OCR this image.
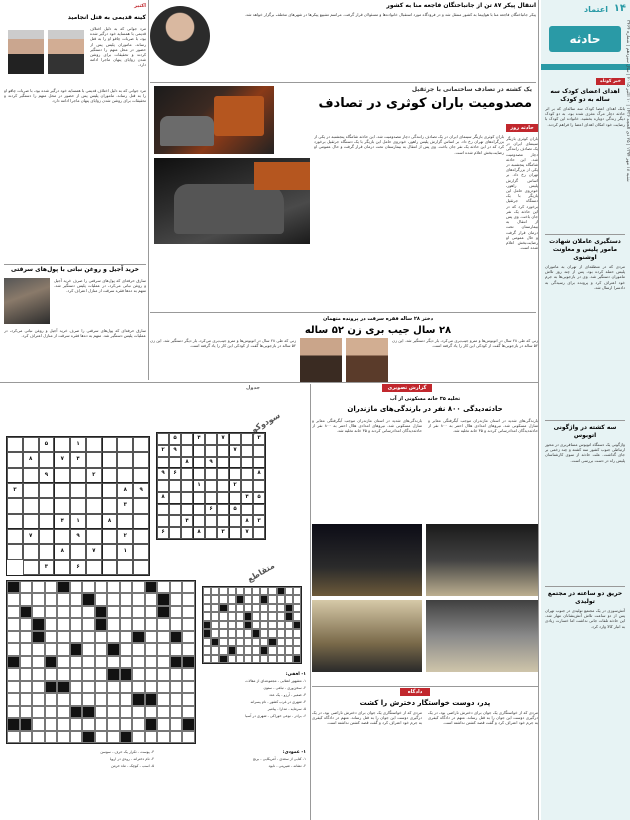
۱۴
اعتماد
حادثه
شنبه ۱۸ مهر ۱۳۹۴ | ۲۵ ذی الحجه ۱۴۳۶ | ۱۰ اکتبر ۲۰۱۵ | سال سیزدهم | شماره ۳۴۶۴
خبر کوتاه
اهدای اعضای کودک سه ساله به دو کودک
بانک اهدای اعضا کودک سه ساله‌ای که بر اثر حادثه دچار مرگ مغزی شده بود، به دو کودک دیگر زندگی دوباره بخشید. خانواده این کودک با رضایت خود امکان اهدای اعضا را فراهم کردند.
دستگیری عاملان شهادت مامور پلیس و معاونت اوشنوی
مردی که در منطقه‌ای از تهران به ماموران پلیس حمله کرده بود، پس از چند روز تلاش ماموران دستگیر شد. وی در بازجویی‌ها به جرم خود اعتراف کرد و پرونده برای رسیدگی به دادسرا ارسال شد.
سه کشته در واژگونی اتوبوس
واژگونی یک دستگاه اتوبوس مسافربری در محور ارتباطی جنوب کشور سه کشته و چند زخمی بر جای گذاشت. علت حادثه از سوی کارشناسان پلیس راه در دست بررسی است.
حریق دو ساعته در مجتمع تولیدی
آتش‌سوزی در یک مجتمع تولیدی در جنوب تهران پس از دو ساعت تلاش آتش‌نشانان مهار شد. این حادثه تلفات جانی نداشت اما خسارت زیادی به انبار کالا وارد کرد.
انتقال پیکر ۸۷ تن از جانباختگان فاجعه منا به کشور
پیکر جانباختگان فاجعه منا با هواپیما به کشور منتقل شد و در فرودگاه مورد استقبال خانواده‌ها و مسئولان قرار گرفت. مراسم تشییع پیکرها در شهرهای مختلف برگزار خواهد شد.
یک کشته در تصادف ساختمانی با جرثقیل
مصدومیت باران کوثری در تصادف
حادثه روز
باران کوثری بازیگر سینمای ایران در یک تصادف رانندگی دچار مصدومیت شد. این حادثه شامگاه پنجشنبه در یکی از بزرگراه‌های تهران رخ داد. بر اساس گزارش پلیس راهور، خودروی حامل این بازیگر با یک دستگاه جرثقیل برخورد کرد که در این حادثه یک نفر جان باخت. وی پس از انتقال به بیمارستان تحت درمان قرار گرفت و حال عمومی او رضایت‌بخش اعلام شده است.
باران کوثری بازیگر سینمای ایران در یک تصادف رانندگی دچار مصدومیت شد. این حادثه شامگاه پنجشنبه در یکی از بزرگراه‌های تهران رخ داد. بر اساس گزارش پلیس راهور، خودروی حامل این بازیگر با یک دستگاه جرثقیل برخورد کرد که در این حادثه یک نفر جان باخت. وی پس از انتقال به بیمارستان تحت درمان قرار گرفت و حال عمومی او رضایت‌بخش اعلام شده است.
دختر ۲۸ ساله فقره سرقت در پرونده متهمان
۲۸ سال جیب بری زن ۵۲ ساله
زنی که طی ۲۸ سال در اتوبوس‌ها و مترو جیب‌بری می‌کرد، بار دیگر دستگیر شد. این زن ۵۲ ساله در بازجویی‌ها گفت از کودکی این کار را یاد گرفته است.
زنی که طی ۲۸ سال در اتوبوس‌ها و مترو جیب‌بری می‌کرد، بار دیگر دستگیر شد. این زن ۵۲ ساله در بازجویی‌ها گفت از کودکی این کار را یاد گرفته است.
اکتیر
کینه قدیمی به قتل انجامید
مرد جوانی که به دلیل اختلاف قدیمی با همسایه خود درگیر شده بود، با ضربات چاقو او را به قتل رساند. ماموران پلیس پس از حضور در محل متهم را دستگیر کردند و تحقیقات برای روشن شدن زوایای پنهان ماجرا ادامه دارد.
مرد جوانی که به دلیل اختلاف قدیمی با همسایه خود درگیر شده بود، با ضربات چاقو او را به قتل رساند. ماموران پلیس پس از حضور در محل متهم را دستگیر کردند و تحقیقات برای روشن شدن زوایای پنهان ماجرا ادامه دارد.
خرید آجیل و روغن نباتی با پول‌های سرقتی
سارق حرفه‌ای که پول‌های سرقتی را صرف خرید آجیل و روغن نباتی می‌کرد، در عملیات پلیس دستگیر شد. متهم به ده‌ها فقره سرقت از منازل اعتراف کرد.
سارق حرفه‌ای که پول‌های سرقتی را صرف خرید آجیل و روغن نباتی می‌کرد، در عملیات پلیس دستگیر شد. متهم به ده‌ها فقره سرقت از منازل اعتراف کرد.
گزارش تصویری
تخلیه ۳۵ خانه مسکونی از آب
حادثه‌دیدگی ۸۰۰ نفر در بارندگی‌های مازندران
بارندگی‌های شدید در استان مازندران موجب آبگرفتگی معابر و منازل مسکونی شد. نیروهای امدادی هلال احمر به ۸۰۰ نفر از حادثه‌دیدگان امدادرسانی کردند و ۳۵ خانه تخلیه شد.
بارندگی‌های شدید در استان مازندران موجب آبگرفتگی معابر و منازل مسکونی شد. نیروهای امدادی هلال احمر به ۸۰۰ نفر از حادثه‌دیدگان امدادرسانی کردند و ۳۵ خانه تخلیه شد.
دادگاه
پدر، دوست خواستگار دخترش را کشت
مردی که از خواستگاری یک جوان برای دخترش ناراضی بود، در یک درگیری دوست این جوان را به قتل رساند. متهم در دادگاه کیفری به جرم خود اعتراف کرد و گفت قصد کشتن نداشته است.
مردی که از خواستگاری یک جوان برای دخترش ناراضی بود، در یک درگیری دوست این جوان را به قتل رساند. متهم در دادگاه کیفری به جرم خود اعتراف کرد و گفت قصد کشتن نداشته است.
جدول
سودوکو
متقاطع
۱
۵
۴
۷
۸
۲
۹
۹
۸
۳
۳
۸
۱
۴
۲
۹
۷
۱
۷
۸
۶
۳
۳
۷
۴
۵
۷
۹
۲
۹
۸
۸
۶
۹
۲
۱
۵
۴
۸
۵
۶
۳
۸
۴
۷
۳
۸
۶
۱- افقی:
۱- مشهور انقلابی - مجموعه‌ای از مقالات
۲- سخن‌وری - تباهی - ستون
۳- ضمیر - آرزو - یک عدد
۴- شهری در غرب کشور - نام پسرانه
۵- سرمایه - مدارا - پیامبر
۶- برادر - نوعی خوراکی - شهری در آسیا
۱- عمودی:
۱- کتابی از سعدی - آمریکایی - برنج
۲- نشانه - شیرینی - نابود
۳- پوست - تکرار یک حرف - سوسن
۴- نام دخترانه - رودی در اروپا
۵- اسب - کوچک - ماه خرمن
